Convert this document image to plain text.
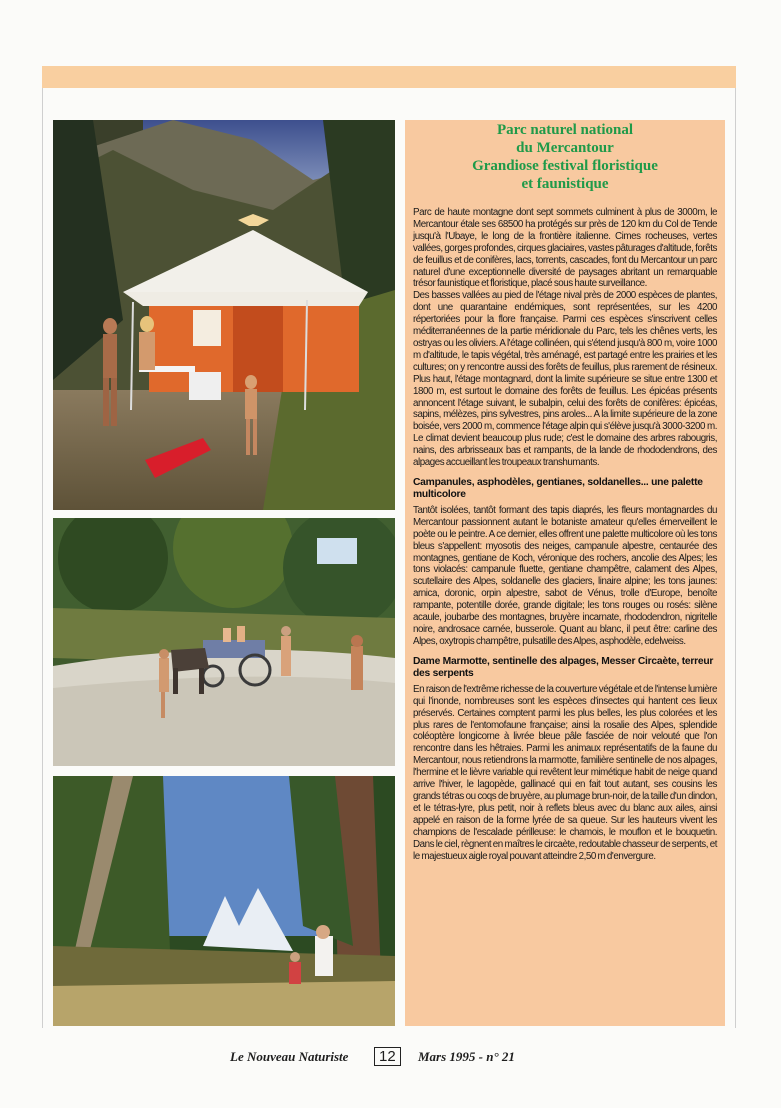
Parc naturel national
du Mercantour
Grandiose festival floristique
et faunistique

Parc de haute montagne dont sept sommets culminent à plus de 3000m, le Mercantour étale ses 68500 ha protégés sur près de 120 km du Col de Tende jusqu'à l'Ubaye, le long de la frontière italienne. Cimes rocheuses, vertes vallées, gorges profondes, cirques glaciaires, vastes pâturages d'altitude, forêts de feuillus et de conifères, lacs, torrents, cascades, font du Mercantour un parc naturel d'une exceptionnelle diversité de paysages abritant un remarquable trésor faunistique et floristique, placé sous haute surveillance.

Des basses vallées au pied de l'étage nival près de 2000 espèces de plantes, dont une quarantaine endémiques, sont représentées, sur les 4200 répertoriées pour la flore française. Parmi ces espèces s'inscrivent celles méditerranéennes de la partie méridionale du Parc, tels les chênes verts, les ostryas ou les oliviers. A l'étage collinéen, qui s'étend jusqu'à 800 m, voire 1000 m d'altitude, le tapis végétal, très aménagé, est partagé entre les prairies et les cultures; on y rencontre aussi des forêts de feuillus, plus rarement de résineux. Plus haut, l'étage montagnard, dont la limite supérieure se situe entre 1300 et 1800 m, est surtout le domaine des forêts de feuillus. Les épicéas présents annoncent l'étage suivant, le subalpin, celui des forêts de conifères: épicéas, sapins, mélèzes, pins sylvestres, pins aroles... A la limite supérieure de la zone boisée, vers 2000 m, commence l'étage alpin qui s'élève jusqu'à 3000-3200 m. Le climat devient beaucoup plus rude; c'est le domaine des arbres rabougris, nains, des arbrisseaux bas et rampants, de la lande de rhododendrons, des alpages accueillant les troupeaux transhumants.

Campanules, asphodèles, gentianes, soldanelles... une palette multicolore

Tantôt isolées, tantôt formant des tapis diaprés, les fleurs montagnardes du Mercantour passionnent autant le botaniste amateur qu'elles émerveillent le poète ou le peintre. A ce dernier, elles offrent une palette multicolore où les tons bleus s'appellent: myosotis des neiges, campanule alpestre, centaurée des montagnes, gentiane de Koch, véronique des rochers, ancolie des Alpes; les tons violacés: campanule fluette, gentiane champêtre, calament des Alpes, scutellaire des Alpes, soldanelle des glaciers, linaire alpine; les tons jaunes: arnica, doronic, orpin alpestre, sabot de Vénus, trolle d'Europe, benoîte rampante, potentille dorée, grande digitale; les tons rouges ou rosés: silène acaule, joubarbe des montagnes, bruyère incarnate, rhododendron, nigritelle noire, androsace carnée, busserole. Quant au blanc, il peut être: carline des Alpes, oxytropis champêtre, pulsatille des Alpes, asphodèle, edelweiss.

Dame Marmotte, sentinelle des alpages, Messer Circaète, terreur des serpents

En raison de l'extrême richesse de la couverture végétale et de l'intense lumière qui l'inonde, nombreuses sont les espèces d'insectes qui hantent ces lieux préservés. Certaines comptent parmi les plus belles, les plus colorées et les plus rares de l'entomofaune française; ainsi la rosalie des Alpes, splendide coléoptère longicorne à livrée bleue pâle fasciée de noir velouté que l'on rencontre dans les hêtraies. Parmi les animaux représentatifs de la faune du Mercantour, nous retiendrons la marmotte, familière sentinelle de nos alpages, l'hermine et le lièvre variable qui revêtent leur mimétique habit de neige quand arrive l'hiver, le lagopède, gallinacé qui en fait tout autant, ses cousins les grands tétras ou coqs de bruyère, au plumage brun-noir, de la taille d'un dindon, et le tétras-lyre, plus petit, noir à reflets bleus avec du blanc aux ailes, ainsi appelé en raison de la forme lyrée de sa queue. Sur les hauteurs vivent les champions de l'escalade périlleuse: le chamois, le mouflon et le bouquetin. Dans le ciel, règnent en maîtres le circaète, redoutable chasseur de serpents, et le majestueux aigle royal pouvant atteindre 2,50 m d'envergure.

Le Nouveau Naturiste	12	Mars 1995 - n° 21
